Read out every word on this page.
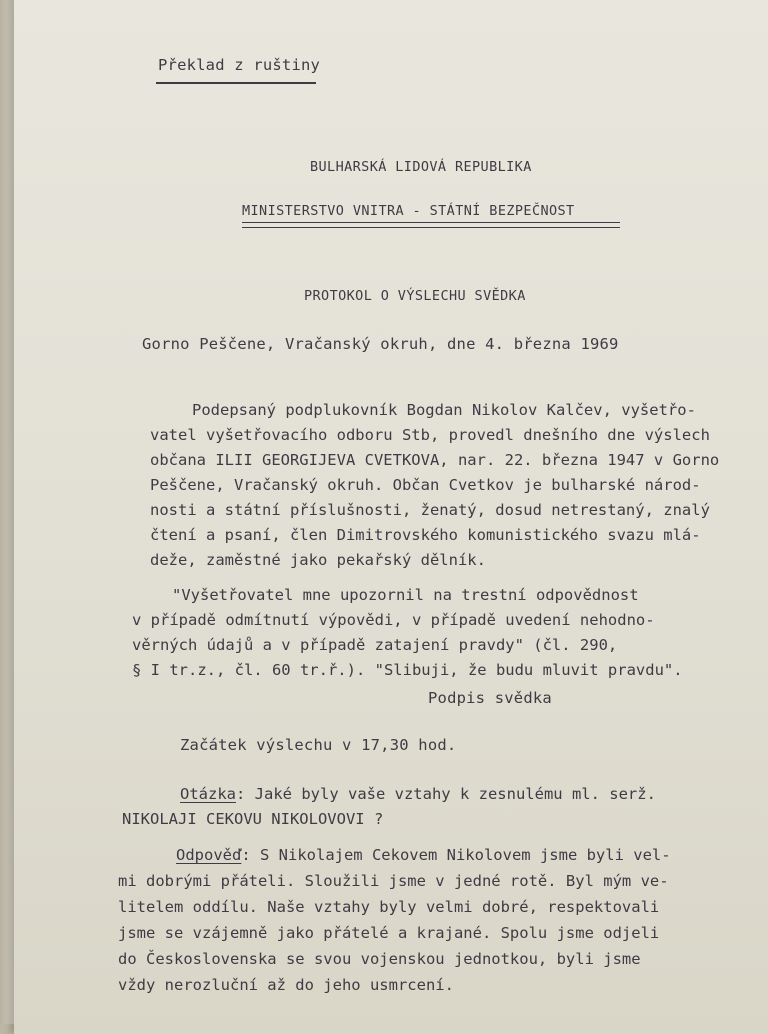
Překlad z ruštiny
BULHARSKÁ LIDOVÁ REPUBLIKA
MINISTERSTVO VNITRA - STÁTNÍ BEZPEČNOST
PROTOKOL O VÝSLECHU SVĚDKA
Gorno Pеščene, Vračanský okruh, dne 4. března 1969
Podepsaný podplukovník Bogdan Nikolov Kalčev, vyšetřo-
vatel vyšetřovacího odboru Stb, provedl dnešního dne výslech
občana ILII GEORGIJEVA CVETKOVA, nar. 22. března 1947 v Gorno
Pеščene, Vračanský okruh. Občan Cvetkov je bulharské národ-
nosti a státní příslušnosti, ženatý, dosud netrestaný, znalý
čtení a psaní, člen Dimitrovského komunistického svazu mlá-
deže, zaměstné jako pekařský dělník.
"Vyšetřovatel mne upozornil na trestní odpovědnost
v případě odmítnutí výpovědi, v případě uvedení nehodno-
věrných údajů a v případě zatajení pravdy" (čl. 290,
§ I tr.z., čl. 60 tr.ř.). "Slibuji, že budu mluvit pravdu".
Podpis svědka
Začátek výslechu v 17,30 hod.
Otázka: Jaké byly vaše vztahy k zesnulému ml. serž.
NIKOLAJI CEKOVU NIKOLOVOVI ?
Odpověď: S Nikolajem Cekovem Nikolovem jsme byli vel-
mi dobrými přáteli. Sloužili jsme v jedné rotě. Byl mým ve-
litelem oddílu. Naše vztahy byly velmi dobré, respektovali
jsme se vzájemně jako přátelé a krajané. Spolu jsme odjeli
do Československa se svou vojenskou jednotkou, byli jsme
vždy nerozluční až do jeho usmrcení.
